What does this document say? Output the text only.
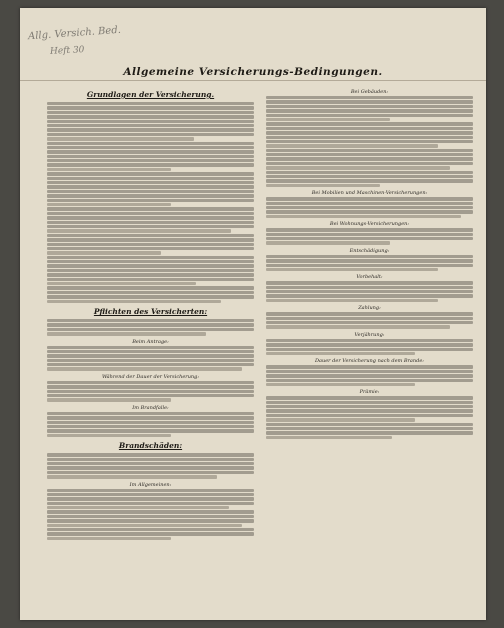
Allg. Versich. Bed.
Heft 30
Allgemeine Versicherungs-Bedingungen.
Grundlagen der Versicherung.
Pflichten des Versicherten:
Beim Antrage:
Während der Dauer der Versicherung:
Im Brandfalle:
Brandschäden:
Im Allgemeinen:
Bei Gebäuden:
Bei Mobilien und Maschinen-Versicherungen:
Bei Wohnungs-Versicherungen:
Entschädigung:
Vorbehalt:
Zahlung:
Verjährung:
Dauer der Versicherung nach dem Brande:
Prämie:
